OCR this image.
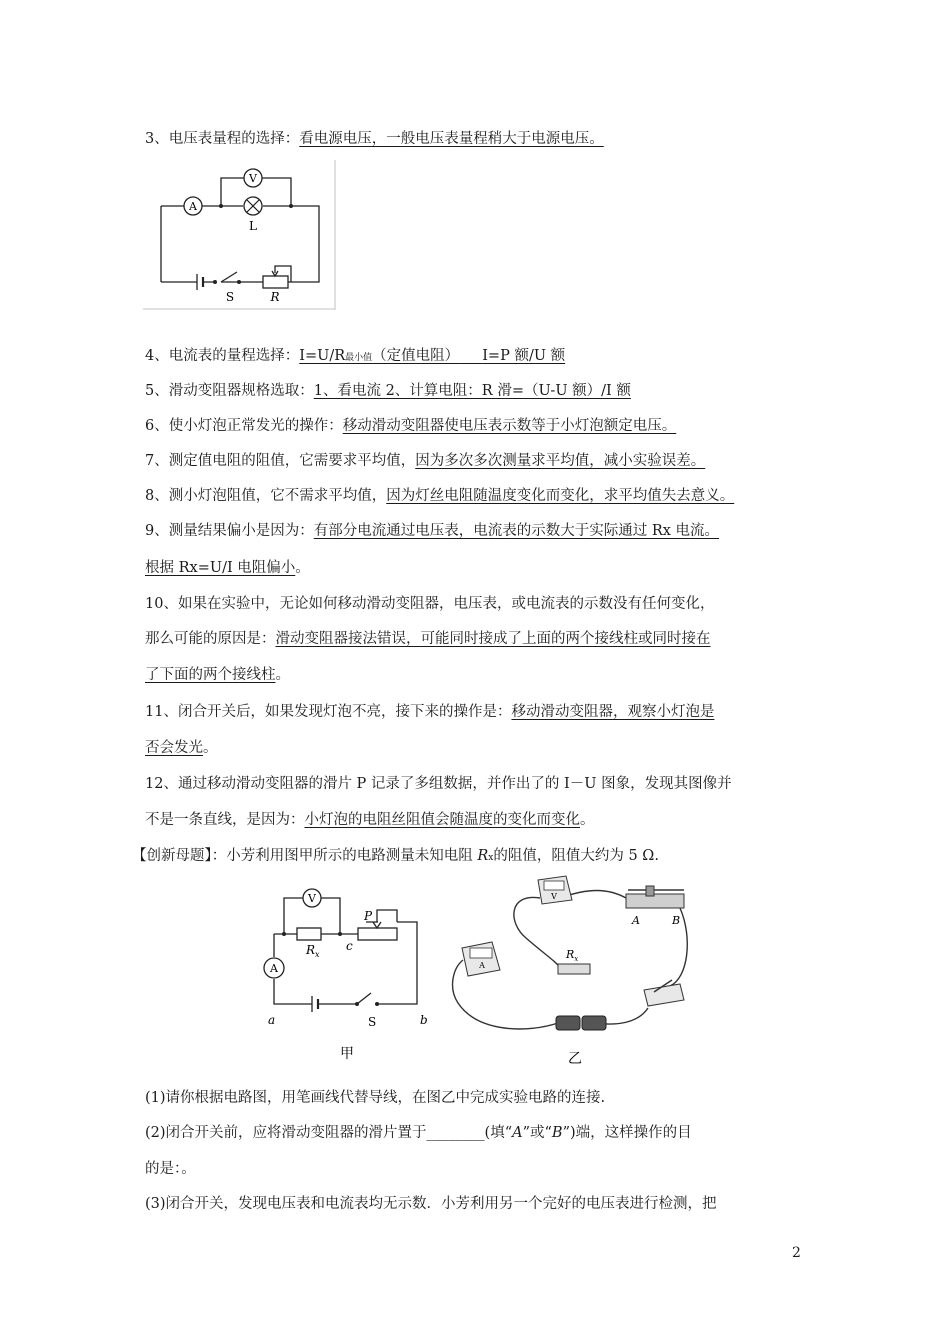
3、电压表量程的选择：看电源电压，一般电压表量程稍大于电源电压。
A
L
V
S	R
4、电流表的量程选择：I=U/R最小值（定值电阻） I=P 额/U 额
5、滑动变阻器规格选取：1、看电流 2、计算电阻：R 滑=（U-U 额）/I 额
6、使小灯泡正常发光的操作：移动滑动变阻器使电压表示数等于小灯泡额定电压。
7、测定值电阻的阻值，它需要求平均值，因为多次多次测量求平均值，减小实验误差。
8、测小灯泡阻值，它不需求平均值，因为灯丝电阻随温度变化而变化，求平均值失去意义。
9、测量结果偏小是因为：有部分电流通过电压表，电流表的示数大于实际通过 Rx 电流。
根据 Rx=U/I 电阻偏小。
10、如果在实验中，无论如何移动滑动变阻器，电压表，或电流表的示数没有任何变化，
那么可能的原因是：滑动变阻器接法错误，可能同时接成了上面的两个接线柱或同时接在
了下面的两个接线柱。
11、闭合开关后，如果发现灯泡不亮，接下来的操作是：移动滑动变阻器，观察小灯泡是
否会发光。
12、通过移动滑动变阻器的滑片 P 记录了多组数据，并作出了的 I－U 图象，发现其图像并
不是一条直线，是因为：小灯泡的电阻丝阻值会随温度的变化而变化。
【创新母题】：小芳利用图甲所示的电路测量未知电阻 Rx的阻值，阻值大约为 5 Ω.
V
A
$R_x$
c
P
a	b
S
甲
V
A
$R_x$
A	B
乙
(1)请你根据电路图，用笔画线代替导线，在图乙中完成实验电路的连接.
(2)闭合开关前，应将滑动变阻器的滑片置于________(填“A”或“B”)端，这样操作的目
的是：。
(3)闭合开关，发现电压表和电流表均无示数．小芳利用另一个完好的电压表进行检测，把
2
